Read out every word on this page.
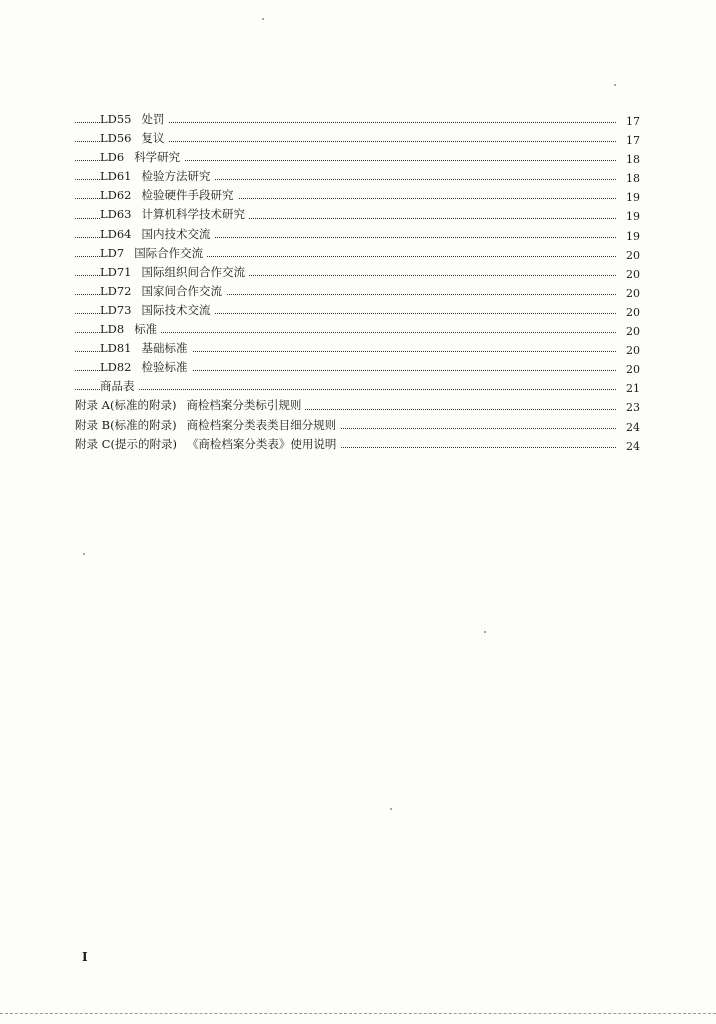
LD55 处罚	17
LD56 复议	17
LD6 科学研究	18
LD61 检验方法研究	18
LD62 检验硬件手段研究	19
LD63 计算机科学技术研究	19
LD64 国内技术交流	19
LD7 国际合作交流	20
LD71 国际组织间合作交流	20
LD72 国家间合作交流	20
LD73 国际技术交流	20
LD8 标准	20
LD81 基础标准	20
LD82 检验标准	20
商品表	21
附录 A(标准的附录) 商检档案分类标引规则	23
附录 B(标准的附录) 商检档案分类表类目细分规则	24
附录 C(提示的附录) 《商检档案分类表》使用说明	24
I
